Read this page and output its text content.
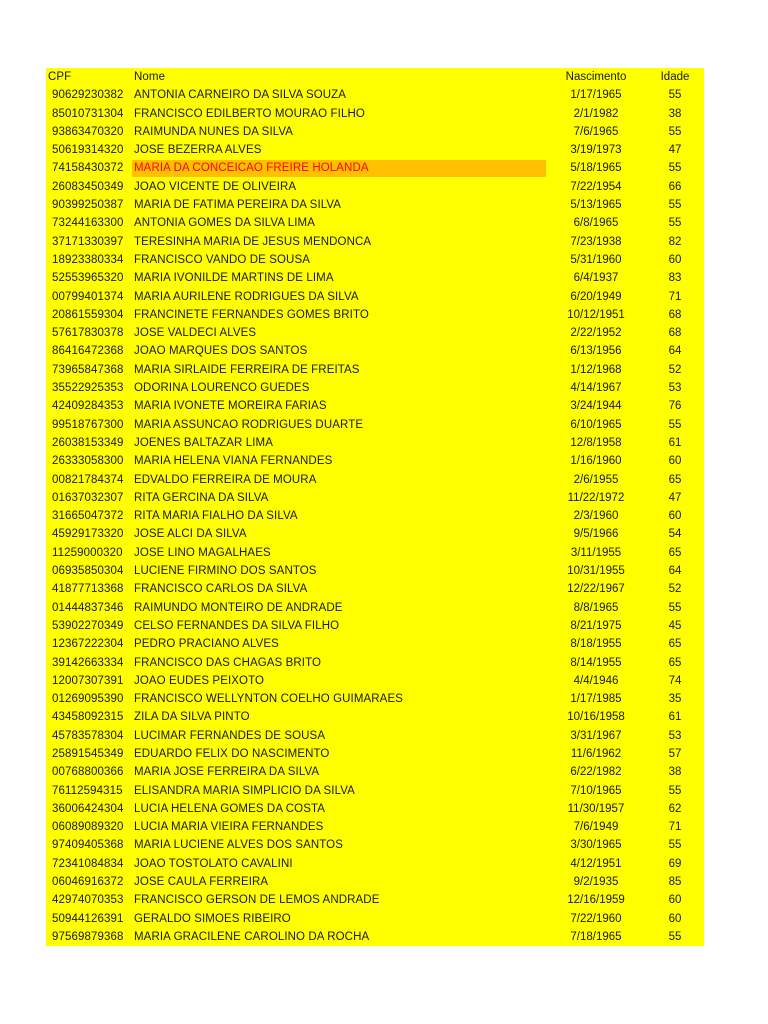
CPF	Nome	Nascimento	Idade
90629230382 ANTONIA CARNEIRO DA SILVA SOUZA	1/17/1965	55
85010731304 FRANCISCO EDILBERTO MOURAO FILHO	2/1/1982	38
93863470320 RAIMUNDA NUNES DA SILVA	7/6/1965	55
50619314320 JOSE BEZERRA ALVES	3/19/1973	47
74158430372 MARIA DA CONCEICAO FREIRE HOLANDA	5/18/1965	55
26083450349 JOAO VICENTE DE OLIVEIRA	7/22/1954	66
90399250387 MARIA DE FATIMA PEREIRA DA SILVA	5/13/1965	55
73244163300 ANTONIA GOMES DA SILVA LIMA	6/8/1965	55
37171330397 TERESINHA MARIA DE JESUS MENDONCA	7/23/1938	82
18923380334 FRANCISCO VANDO DE SOUSA	5/31/1960	60
52553965320 MARIA IVONILDE MARTINS DE LIMA	6/4/1937	83
00799401374 MARIA AURILENE RODRIGUES DA SILVA	6/20/1949	71
20861559304 FRANCINETE FERNANDES GOMES BRITO	10/12/1951	68
57617830378 JOSE VALDECI ALVES	2/22/1952	68
86416472368 JOAO MARQUES DOS SANTOS	6/13/1956	64
73965847368 MARIA SIRLAIDE FERREIRA DE FREITAS	1/12/1968	52
35522925353 ODORINA LOURENCO GUEDES	4/14/1967	53
42409284353 MARIA IVONETE MOREIRA FARIAS	3/24/1944	76
99518767300 MARIA ASSUNCAO RODRIGUES DUARTE	6/10/1965	55
26038153349 JOENES BALTAZAR LIMA	12/8/1958	61
26333058300 MARIA HELENA VIANA FERNANDES	1/16/1960	60
00821784374 EDVALDO FERREIRA DE MOURA	2/6/1955	65
01637032307 RITA GERCINA DA SILVA	11/22/1972	47
31665047372 RITA MARIA FIALHO DA SILVA	2/3/1960	60
45929173320 JOSE ALCI DA SILVA	9/5/1966	54
11259000320 JOSE LINO MAGALHAES	3/11/1955	65
06935850304 LUCIENE FIRMINO DOS SANTOS	10/31/1955	64
41877713368 FRANCISCO CARLOS DA SILVA	12/22/1967	52
01444837346 RAIMUNDO MONTEIRO DE ANDRADE	8/8/1965	55
53902270349 CELSO FERNANDES DA SILVA FILHO	8/21/1975	45
12367222304 PEDRO PRACIANO ALVES	8/18/1955	65
39142663334 FRANCISCO DAS CHAGAS BRITO	8/14/1955	65
12007307391 JOAO EUDES PEIXOTO	4/4/1946	74
01269095390 FRANCISCO WELLYNTON COELHO GUIMARAES	1/17/1985	35
43458092315 ZILA DA SILVA PINTO	10/16/1958	61
45783578304 LUCIMAR FERNANDES DE SOUSA	3/31/1967	53
25891545349 EDUARDO FELIX DO NASCIMENTO	11/6/1962	57
00768800366 MARIA JOSE FERREIRA DA SILVA	6/22/1982	38
76112594315 ELISANDRA MARIA SIMPLICIO DA SILVA	7/10/1965	55
36006424304 LUCIA HELENA GOMES DA COSTA	11/30/1957	62
06089089320 LUCIA MARIA VIEIRA FERNANDES	7/6/1949	71
97409405368 MARIA LUCIENE ALVES DOS SANTOS	3/30/1965	55
72341084834 JOAO TOSTOLATO CAVALINI	4/12/1951	69
06046916372 JOSE CAULA FERREIRA	9/2/1935	85
42974070353 FRANCISCO GERSON DE LEMOS ANDRADE	12/16/1959	60
50944126391 GERALDO SIMOES RIBEIRO	7/22/1960	60
97569879368 MARIA GRACILENE CAROLINO DA ROCHA	7/18/1965	55
